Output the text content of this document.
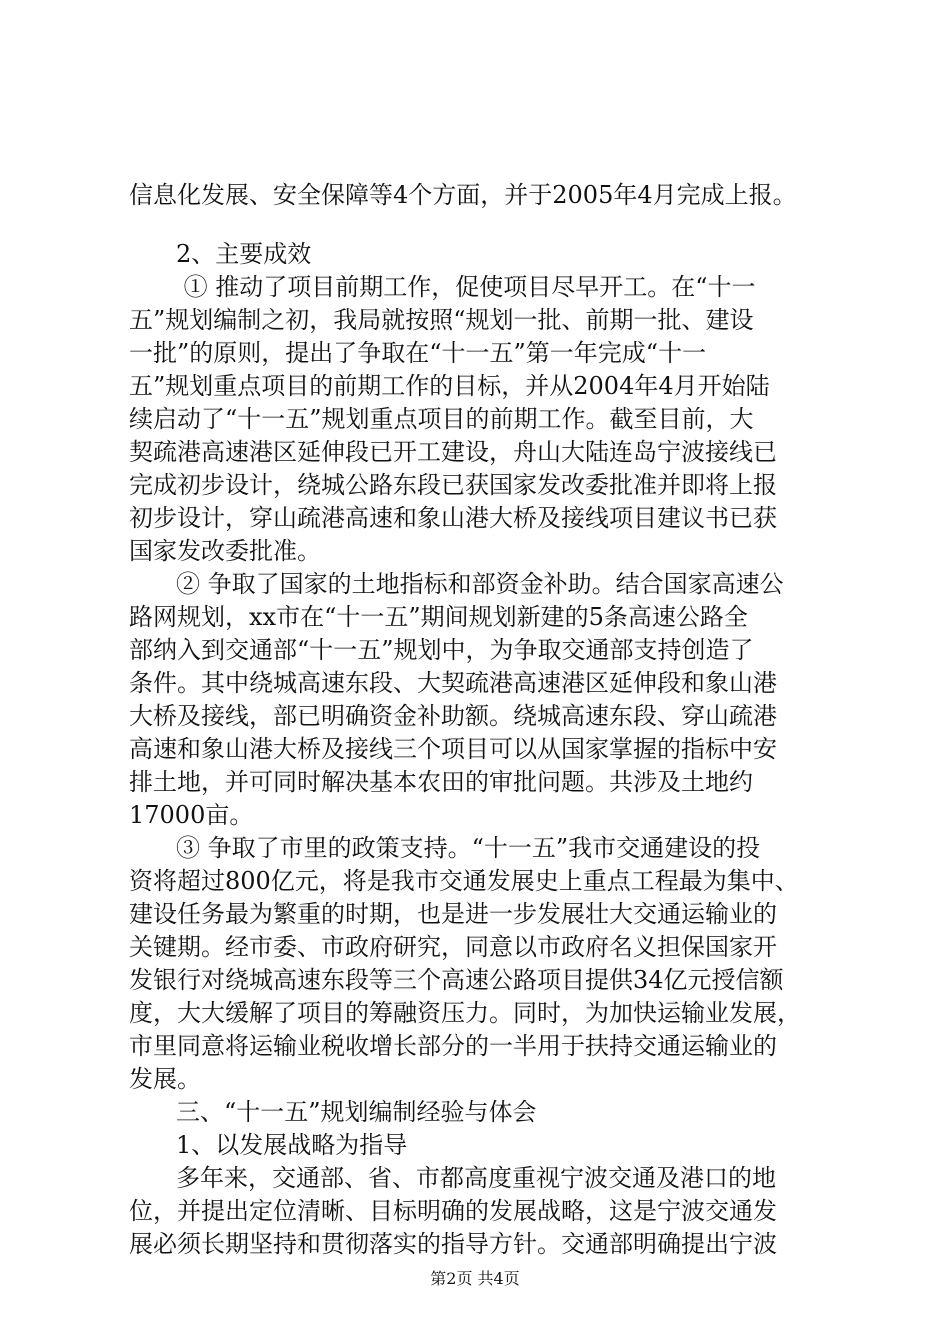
信息化发展、安全保障等4个方面，并于2005年4月完成上报。
2、主要成效
① 推动了项目前期工作，促使项目尽早开工。在“十一
五”规划编制之初，我局就按照“规划一批、前期一批、建设
一批”的原则，提出了争取在“十一五”第一年完成“十一
五”规划重点项目的前期工作的目标，并从2004年4月开始陆
续启动了“十一五”规划重点项目的前期工作。截至目前，大
契疏港高速港区延伸段已开工建设，舟山大陆连岛宁波接线已
完成初步设计，绕城公路东段已获国家发改委批准并即将上报
初步设计，穿山疏港高速和象山港大桥及接线项目建议书已获
国家发改委批准。
② 争取了国家的土地指标和部资金补助。结合国家高速公
路网规划，xx市在“十一五”期间规划新建的5条高速公路全
部纳入到交通部“十一五”规划中，为争取交通部支持创造了
条件。其中绕城高速东段、大契疏港高速港区延伸段和象山港
大桥及接线，部已明确资金补助额。绕城高速东段、穿山疏港
高速和象山港大桥及接线三个项目可以从国家掌握的指标中安
排土地，并可同时解决基本农田的审批问题。共涉及土地约
17000亩。
③ 争取了市里的政策支持。“十一五”我市交通建设的投
资将超过800亿元，将是我市交通发展史上重点工程最为集中、
建设任务最为繁重的时期，也是进一步发展壮大交通运输业的
关键期。经市委、市政府研究，同意以市政府名义担保国家开
发银行对绕城高速东段等三个高速公路项目提供34亿元授信额
度，大大缓解了项目的筹融资压力。同时，为加快运输业发展，
市里同意将运输业税收增长部分的一半用于扶持交通运输业的
发展。
三、“十一五”规划编制经验与体会
1、以发展战略为指导
多年来，交通部、省、市都高度重视宁波交通及港口的地
位，并提出定位清晰、目标明确的发展战略，这是宁波交通发
展必须长期坚持和贯彻落实的指导方针。交通部明确提出宁波
第2页 共4页
